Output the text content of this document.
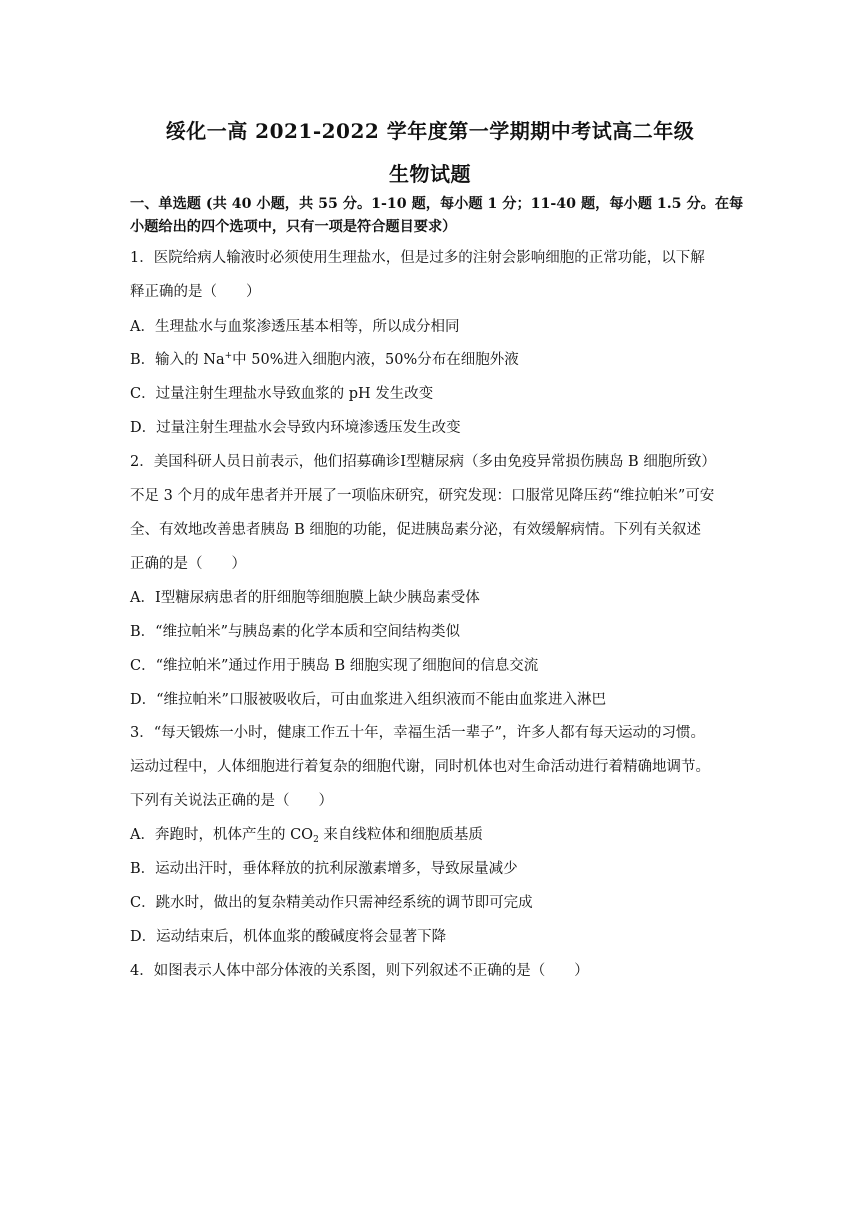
绥化一高 2021-2022 学年度第一学期期中考试高二年级
生物试题
一、单选题 (共 40 小题，共 55 分。1-10 题，每小题 1 分；11-40 题，每小题 1.5 分。在每小题给出的四个选项中，只有一项是符合题目要求）
1．医院给病人输液时必须使用生理盐水，但是过多的注射会影响细胞的正常功能，以下解
释正确的是（　　）
A．生理盐水与血浆渗透压基本相等，所以成分相同
B．输入的 Na+中 50%进入细胞内液，50%分布在细胞外液
C．过量注射生理盐水导致血浆的 pH 发生改变
D．过量注射生理盐水会导致内环境渗透压发生改变
2．美国科研人员日前表示，他们招募确诊Ⅰ型糖尿病（多由免疫异常损伤胰岛 B 细胞所致）
不足 3 个月的成年患者并开展了一项临床研究，研究发现：口服常见降压药“维拉帕米”可安
全、有效地改善患者胰岛 B 细胞的功能，促进胰岛素分泌，有效缓解病情。下列有关叙述
正确的是（　　）
A．Ⅰ型糖尿病患者的肝细胞等细胞膜上缺少胰岛素受体
B．“维拉帕米”与胰岛素的化学本质和空间结构类似
C．“维拉帕米”通过作用于胰岛 B 细胞实现了细胞间的信息交流
D．“维拉帕米”口服被吸收后，可由血浆进入组织液而不能由血浆进入淋巴
3．“每天锻炼一小时，健康工作五十年，幸福生活一辈子”，许多人都有每天运动的习惯。
运动过程中，人体细胞进行着复杂的细胞代谢，同时机体也对生命活动进行着精确地调节。
下列有关说法正确的是（　　）
A．奔跑时，机体产生的 $CO_2$ 来自线粒体和细胞质基质
B．运动出汗时，垂体释放的抗利尿激素增多，导致尿量减少
C．跳水时，做出的复杂精美动作只需神经系统的调节即可完成
D．运动结束后，机体血浆的酸碱度将会显著下降
4．如图表示人体中部分体液的关系图，则下列叙述不正确的是（　　）
